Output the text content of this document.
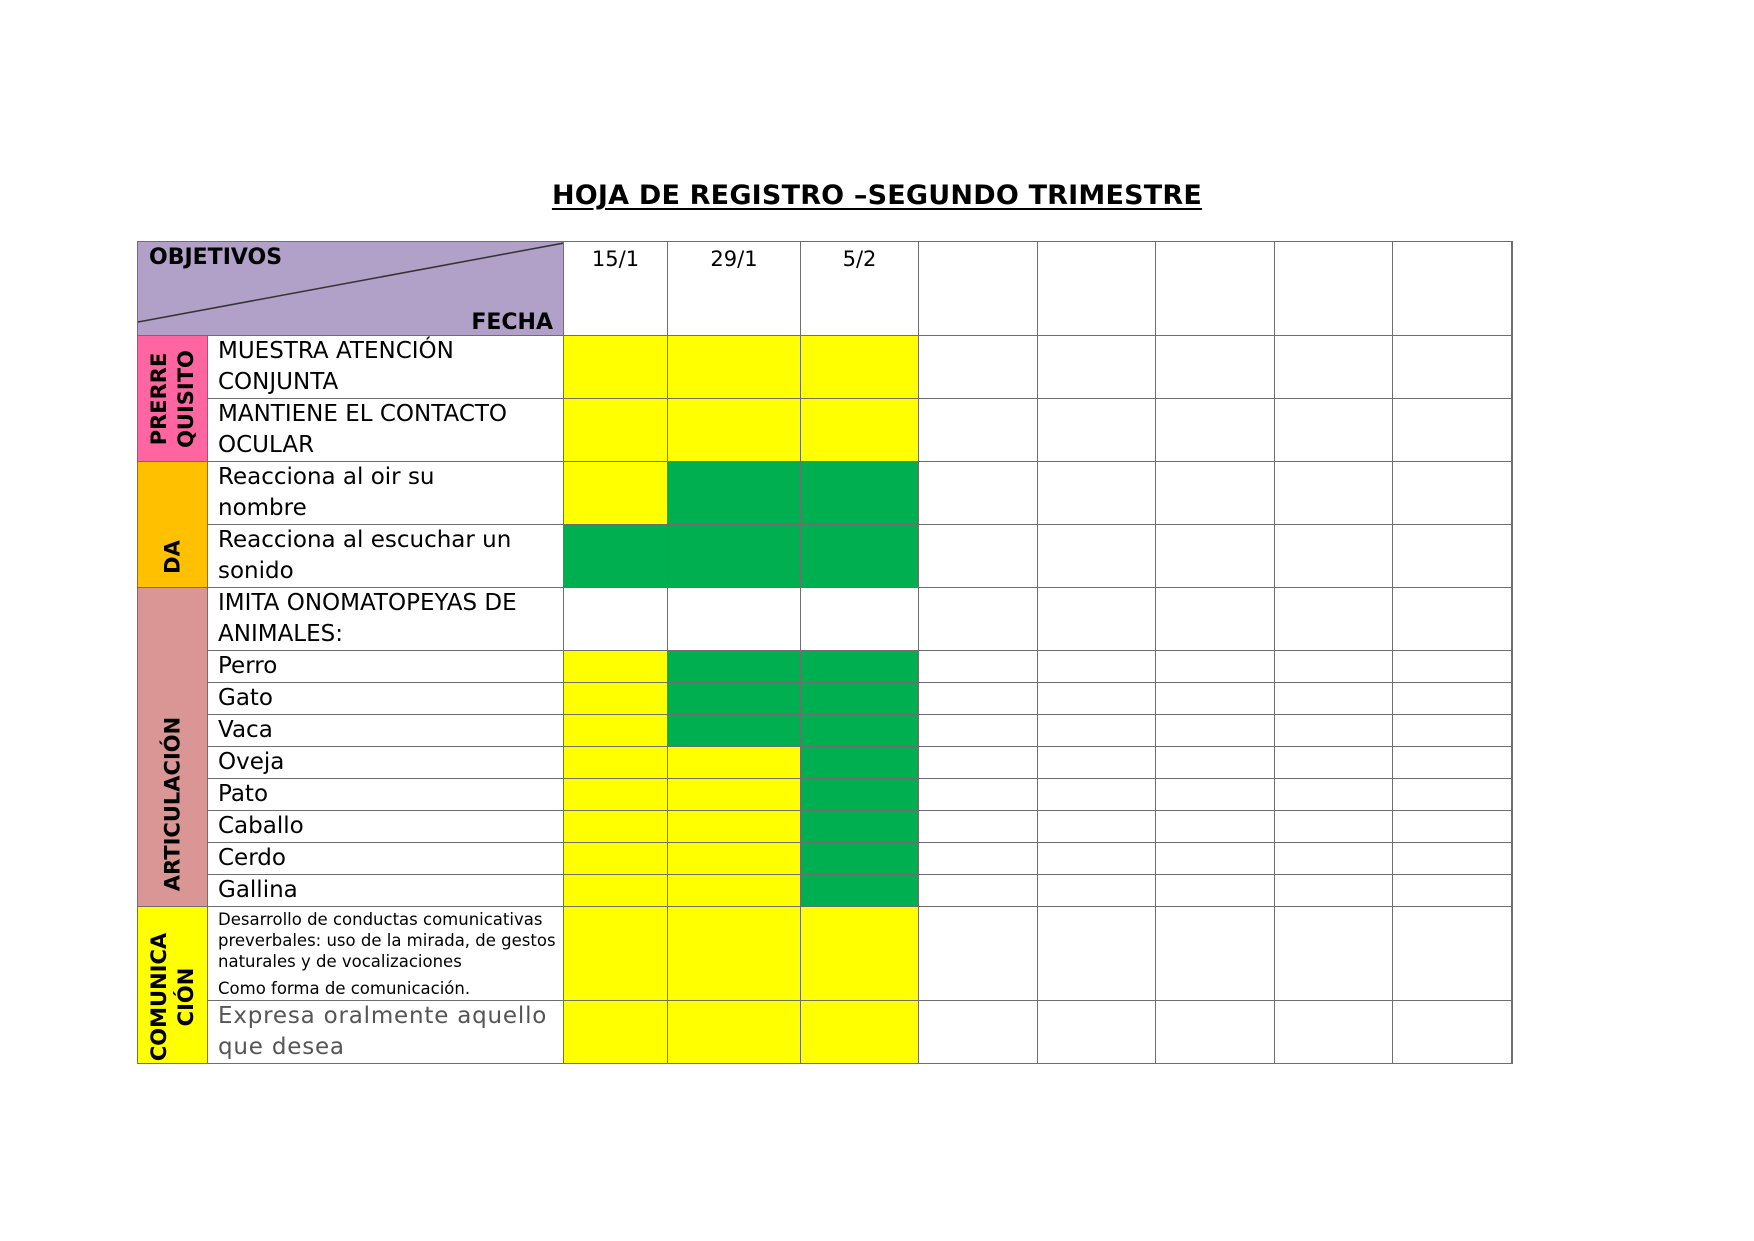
HOJA DE REGISTRO –SEGUNDO TRIMESTRE
OBJETIVOS
FECHA		15/1	29/1	5/2						

PRERRE QUISITO	MUESTRA ATENCIÓN
CONJUNTA									
	MANTIENE EL CONTACTO
OCULAR									

DA	Reacciona al oir su
nombre									
	Reacciona al escuchar un
sonido									

ARTICULACIÓN	IMITA ONOMATOPEYAS DE
ANIMALES:									
	Perro									
	Gato									
	Vaca									
	Oveja									
	Pato									
	Caballo									
	Cerdo									
	Gallina									

COMUNICA CIÓN	Desarrollo de conductas comunicativas
preverbales: uso de la mirada, de gestos
naturales y de vocalizaciones
Como forma de comunicación.									

	Expresa oralmente aquello
que desea									
